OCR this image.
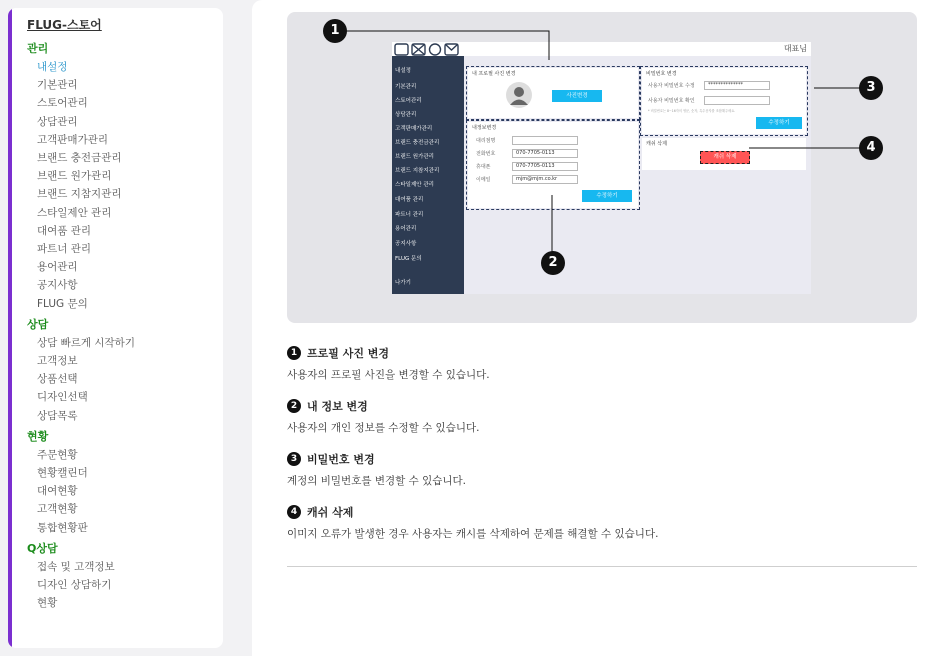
FLUG-스토어
관리
내설정
기본관리
스토어관리
상담관리
고객판매가관리
브랜드 충전금관리
브랜드 원가관리
브랜드 지참지관리
스타일제안 관리
대여품 관리
파트너 관리
용어관리
공지사항
FLUG 문의
상담
상담 빠르게 시작하기
고객정보
상품선택
디자인선택
상담목록
현황
주문현황
현황캘린더
대여현황
고객현황
통합현황판
Q상담
접속 및 고객정보
디자인 상담하기
현황
대표님
내설정
기본관리
스토어관리
상담관리
고객판매가관리
브랜드 충전금관리
브랜드 원가관리
브랜드 지참지관리
스타일제안 관리
대여품 관리
파트너 관리
용어관리
공지사항
FLUG 문의
나가기
내 프로필 사진 변경
사진변경
내정보변경
대리점명
전화번호
휴대폰
이메일
070-7705-0113
070-7705-0113
mjm@mjm.co.kr
수정하기
비밀번호 변경
사용자 비밀번호 수정
사용자 비밀번호 확인
**************
* 비밀번호는 8~16자의 영문, 숫자, 특수문자를 조합해주세요.
수정하기
캐쉬 삭제
캐쉬 삭제
1
2
3
4
1 프로필 사진 변경
사용자의 프로필 사진을 변경할 수 있습니다.
2 내 정보 변경
사용자의 개인 정보를 수정할 수 있습니다.
3 비밀번호 변경
계정의 비밀번호를 변경할 수 있습니다.
4 캐쉬 삭제
이미지 오류가 발생한 경우 사용자는 캐시를 삭제하여 문제를 해결할 수 있습니다.
